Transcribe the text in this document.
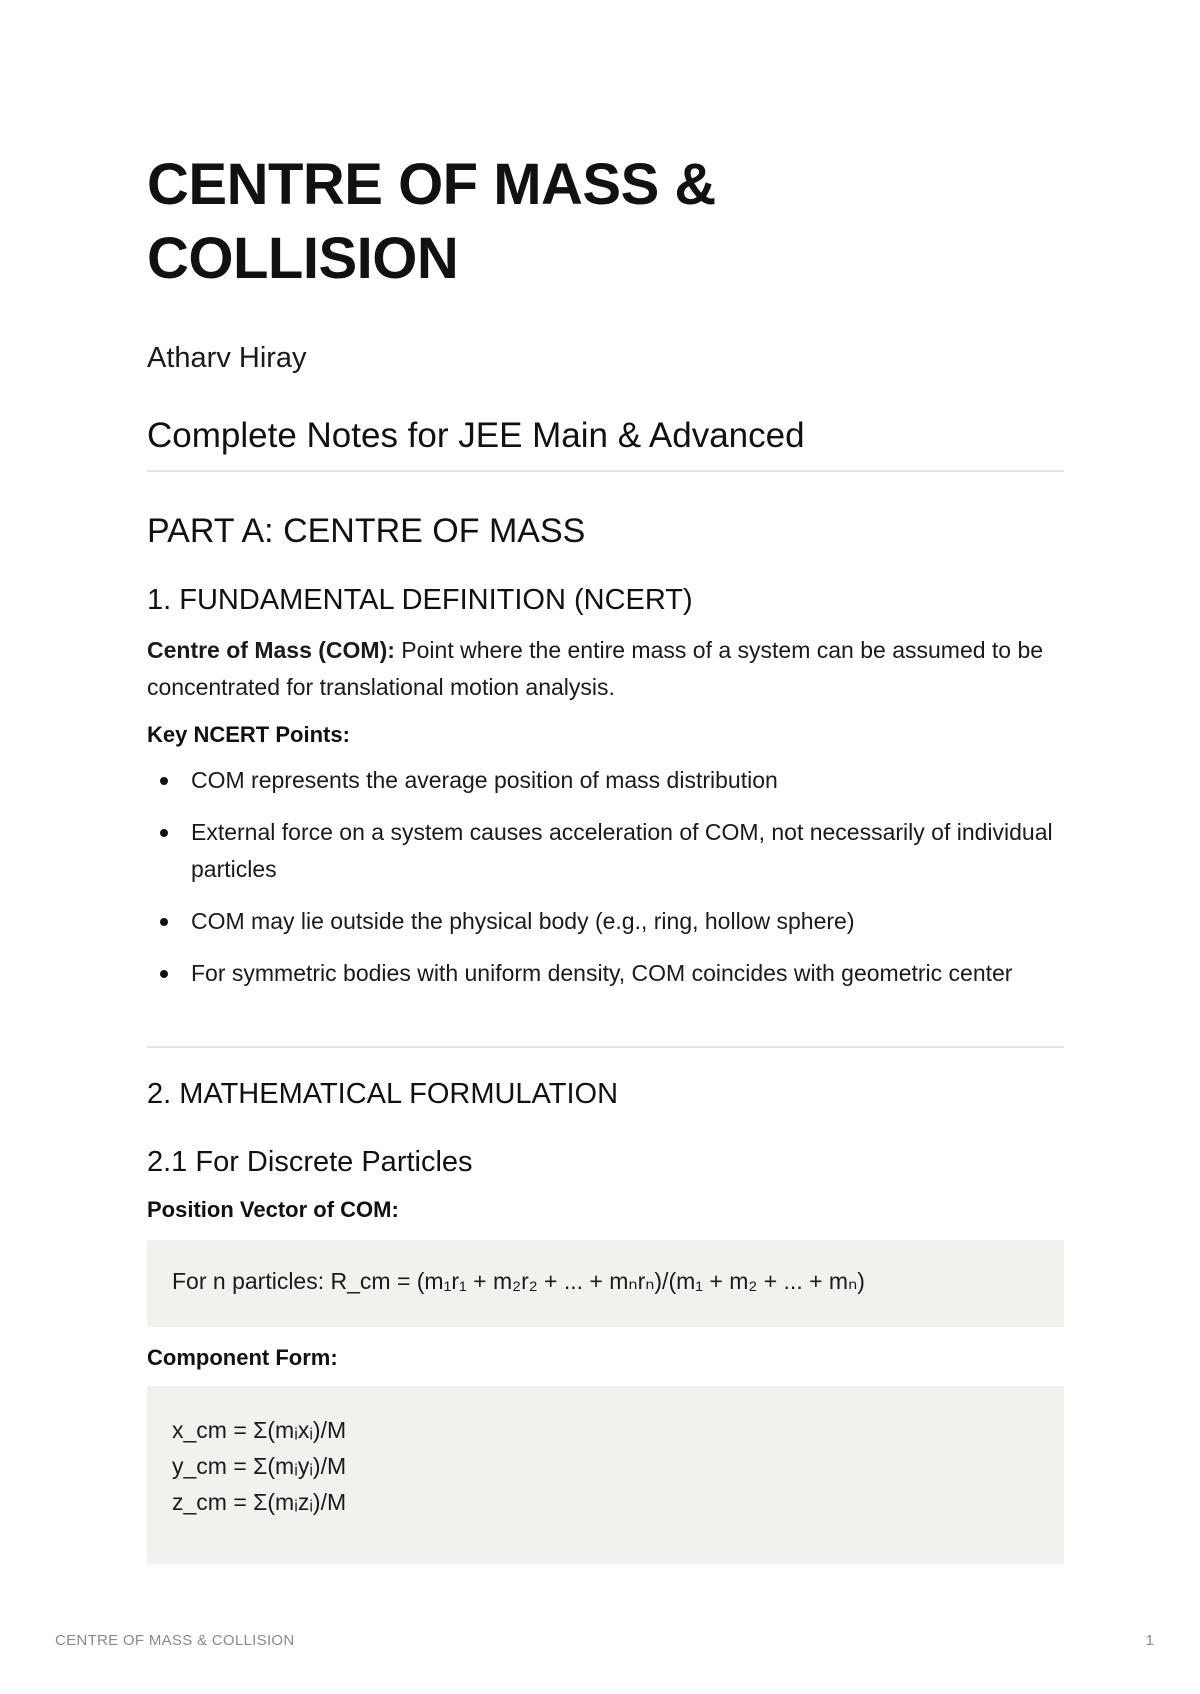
CENTRE OF MASS &
COLLISION
Atharv Hiray
Complete Notes for JEE Main & Advanced
PART A: CENTRE OF MASS
1. FUNDAMENTAL DEFINITION (NCERT)
Centre of Mass (COM): Point where the entire mass of a system can be assumed to be concentrated for translational motion analysis.
Key NCERT Points:
COM represents the average position of mass distribution
External force on a system causes acceleration of COM, not necessarily of individual particles
COM may lie outside the physical body (e.g., ring, hollow sphere)
For symmetric bodies with uniform density, COM coincides with geometric center
2. MATHEMATICAL FORMULATION
2.1 For Discrete Particles
Position Vector of COM:
For n particles: R_cm = (m₁r₁ + m₂r₂ + ... + mₙrₙ)/(m₁ + m₂ + ... + mₙ)
Component Form:
x_cm = Σ(mᵢxᵢ)/M
y_cm = Σ(mᵢyᵢ)/M
z_cm = Σ(mᵢzᵢ)/M
CENTRE OF MASS & COLLISION	1
